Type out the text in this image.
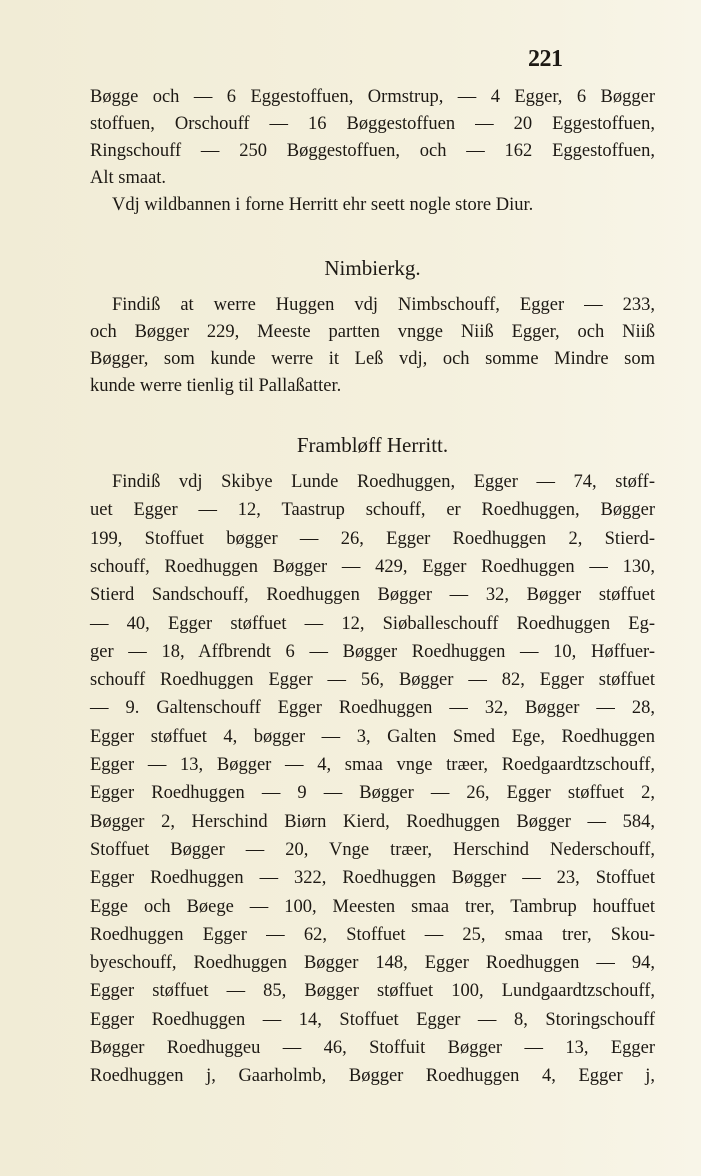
221
Bøgge och — 6 Eggestoffuen, Ormstrup, — 4 Egger, 6 Bøgger
stoffuen, Orschouff — 16 Bøggestoffuen — 20 Eggestoffuen,
Ringschouff — 250 Bøggestoffuen, och — 162 Eggestoffuen,
Alt smaat.
Vdj wildbannen i forne Herritt ehr seett nogle store Diur.
Nimbierkg.
Findiß at werre Huggen vdj Nimbschouff, Egger — 233,
och Bøgger 229, Meeste partten vngge Niiß Egger, och Niiß
Bøgger, som kunde werre it Leß vdj, och somme Mindre som
kunde werre tienlig til Pallaßatter.
Frambløff Herritt.
Findiß vdj Skibye Lunde Roedhuggen, Egger — 74, støff-
uet Egger — 12, Taastrup schouff, er Roedhuggen, Bøgger
199, Stoffuet bøgger — 26, Egger Roedhuggen 2, Stierd-
schouff, Roedhuggen Bøgger — 429, Egger Roedhuggen — 130,
Stierd Sandschouff, Roedhuggen Bøgger — 32, Bøgger støffuet
— 40, Egger støffuet — 12, Siøballeschouff Roedhuggen Eg-
ger — 18, Affbrendt 6 — Bøgger Roedhuggen — 10, Høffuer-
schouff Roedhuggen Egger — 56, Bøgger — 82, Egger støffuet
— 9. Galtenschouff Egger Roedhuggen — 32, Bøgger — 28,
Egger støffuet 4, bøgger — 3, Galten Smed Ege, Roedhuggen
Egger — 13, Bøgger — 4, smaa vnge træer, Roedgaardtzschouff,
Egger Roedhuggen — 9 — Bøgger — 26, Egger støffuet 2,
Bøgger 2, Herschind Biørn Kierd, Roedhuggen Bøgger — 584,
Stoffuet Bøgger — 20, Vnge træer, Herschind Nederschouff,
Egger Roedhuggen — 322, Roedhuggen Bøgger — 23, Stoffuet
Egge och Bøege — 100, Meesten smaa trer, Tambrup houffuet
Roedhuggen Egger — 62, Stoffuet — 25, smaa trer, Skou-
byeschouff, Roedhuggen Bøgger 148, Egger Roedhuggen — 94,
Egger støffuet — 85, Bøgger støffuet 100, Lundgaardtzschouff,
Egger Roedhuggen — 14, Stoffuet Egger — 8, Storingschouff
Bøgger Roedhuggeu — 46, Stoffuit Bøgger — 13, Egger
Roedhuggen j, Gaarholmb, Bøgger Roedhuggen 4, Egger j,
